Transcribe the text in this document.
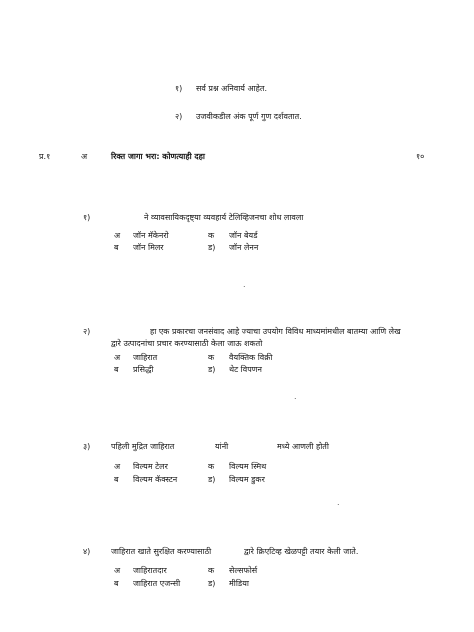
१) सर्व प्रश्न अनिवार्य आहेत.
२) उजवीकडील अंक पूर्ण गुण दर्शवतात.
प्र.१	अ	रिक्त जागा भरा: कोणत्याही दहा	१०
१)	ने व्यावसायिकदृष्ट्या व्यवहार्य टेलिव्हिजनचा शोध लावला
अ जॉन मॅकेनरो	क जॉन बेयर्ड
ब जॉन मिलर	ड) जॉन लेनन
.
२)	हा एक प्रकारचा जनसंवाद आहे ज्याचा उपयोग विविध माध्यमांमधील बातम्या आणि लेख
द्वारे उत्पादनांचा प्रचार करण्यासाठी केला जाऊ शकतो
अ जाहिरात	क वैयक्तिक विक्री
ब प्रसिद्धी	ड) थेट विपणन
.
३)	पहिली मुद्रित जाहिरात	यांनी	मध्ये आणली होती
अ विल्यम टेलर	क विल्यम स्मिथ
ब विल्यम कॅक्स्टन	ड) विल्यम डुकर
.
४)	जाहिरात खाते सुरक्षित करण्यासाठी	द्वारे क्रिएटिव्ह खेळपट्टी तयार केली जाते.
अ जाहिरातदार	क सेल्सफोर्स
ब जाहिरात एजन्सी	ड) मीडिया
